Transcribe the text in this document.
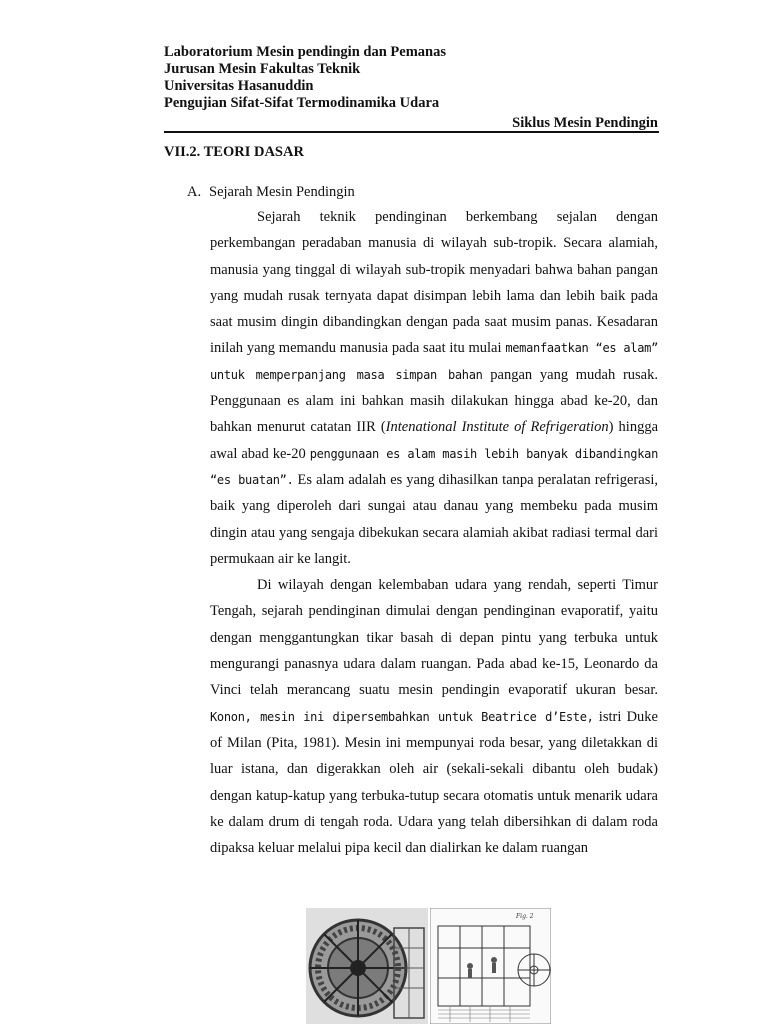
Laboratorium Mesin pendingin dan Pemanas
Jurusan Mesin Fakultas Teknik
Universitas Hasanuddin
Pengujian Sifat-Sifat Termodinamika Udara
Siklus Mesin Pendingin
VII.2. TEORI DASAR
A. Sejarah Mesin Pendingin

Sejarah teknik pendinginan berkembang sejalan dengan perkembangan peradaban manusia di wilayah sub-tropik. Secara alamiah, manusia yang tinggal di wilayah sub-tropik menyadari bahwa bahan pangan yang mudah rusak ternyata dapat disimpan lebih lama dan lebih baik pada saat musim dingin dibandingkan dengan pada saat musim panas. Kesadaran inilah yang memandu manusia pada saat itu mulai memanfaatkan “es alam” untuk memperpanjang masa simpan bahan pangan yang mudah rusak. Penggunaan es alam ini bahkan masih dilakukan hingga abad ke-20, dan bahkan menurut catatan IIR (Intenational Institute of Refrigeration) hingga awal abad ke-20 penggunaan es alam masih lebih banyak dibandingkan “es buatan”. Es alam adalah es yang dihasilkan tanpa peralatan refrigerasi, baik yang diperoleh dari sungai atau danau yang membeku pada musim dingin atau yang sengaja dibekukan secara alamiah akibat radiasi termal dari permukaan air ke langit.

Di wilayah dengan kelembaban udara yang rendah, seperti Timur Tengah, sejarah pendinginan dimulai dengan pendinginan evaporatif, yaitu dengan menggantungkan tikar basah di depan pintu yang terbuka untuk mengurangi panasnya udara dalam ruangan. Pada abad ke-15, Leonardo da Vinci telah merancang suatu mesin pendingin evaporatif ukuran besar. Konon, mesin ini dipersembahkan untuk Beatrice d’Este, istri Duke of Milan (Pita, 1981). Mesin ini mempunyai roda besar, yang diletakkan di luar istana, dan digerakkan oleh air (sekali-sekali dibantu oleh budak) dengan katup-katup yang terbuka-tutup secara otomatis untuk menarik udara ke dalam drum di tengah roda. Udara yang telah dibersihkan di dalam roda dipaksa keluar melalui pipa kecil dan dialirkan ke dalam ruangan

Fig. 2
